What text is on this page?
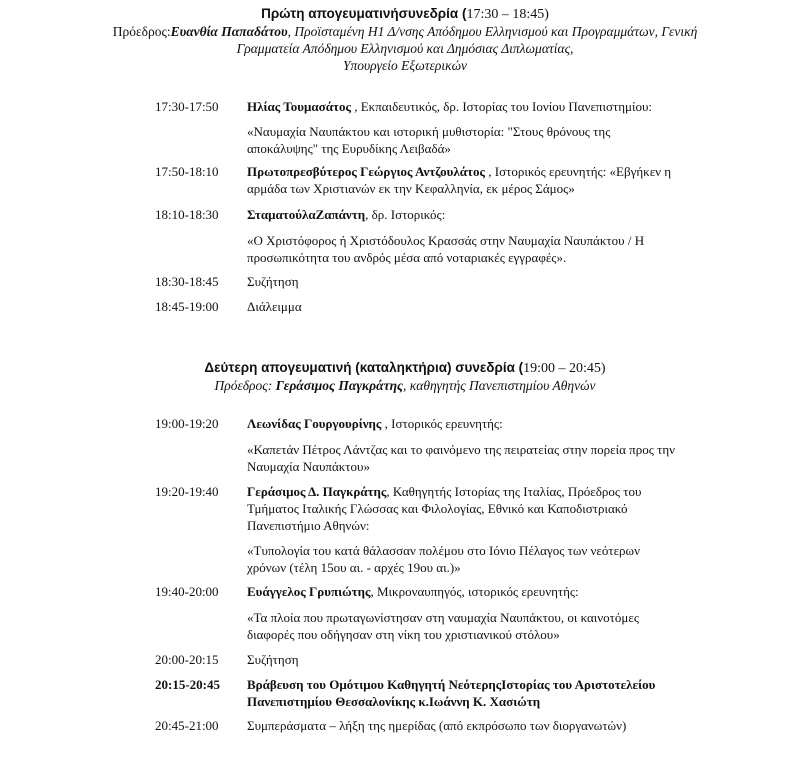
Πρώτη απογευματινήσυνεδρία (17:30 – 18:45)
Πρόεδρος:Ευανθία Παπαδάτου, Προϊσταμένη Η1 Δ/νσης Απόδημου Ελληνισμού και Προγραμμάτων, Γενική
Γραμματεία Απόδημου Ελληνισμού και Δημόσιας Διπλωματίας,
Υπουργείο Εξωτερικών
17:30-17:50 Ηλίας Τουμασάτος , Εκπαιδευτικός, δρ. Ιστορίας του Ιονίου Πανεπιστημίου:
«Ναυμαχία Ναυπάκτου και ιστορική μυθιστορία: "Στους θρόνους της
αποκάλυψης" της Ευρυδίκης Λειβαδά»
17:50-18:10 Πρωτοπρεσβύτερος Γεώργιος Αντζουλάτος , Ιστορικός ερευνητής: «Εβγήκεν η
αρμάδα των Χριστιανών εκ την Κεφαλληνία, εκ μέρος Σάμος»
18:10-18:30 ΣταματούλαΖαπάντη, δρ. Ιστορικός:
«Ο Χριστόφορος ή Χριστόδουλος Κρασσάς στην Ναυμαχία Ναυπάκτου / Η
προσωπικότητα του ανδρός μέσα από νοταριακές εγγραφές».
18:30-18:45 Συζήτηση
18:45-19:00 Διάλειμμα
Δεύτερη απογευματινή (καταληκτήρια) συνεδρία (19:00 – 20:45)
Πρόεδρος: Γεράσιμος Παγκράτης, καθηγητής Πανεπιστημίου Αθηνών
19:00-19:20 Λεωνίδας Γουργουρίνης , Ιστορικός ερευνητής:
«Καπετάν Πέτρος Λάντζας και το φαινόμενο της πειρατείας στην πορεία προς την
Ναυμαχία Ναυπάκτου»
19:20-19:40 Γεράσιμος Δ. Παγκράτης, Καθηγητής Ιστορίας της Ιταλίας, Πρόεδρος του
Τμήματος Ιταλικής Γλώσσας και Φιλολογίας, Εθνικό και Καποδιστριακό
Πανεπιστήμιο Αθηνών:
«Τυπολογία του κατά θάλασσαν πολέμου στο Ιόνιο Πέλαγος των νεότερων
χρόνων (τέλη 15ου αι. - αρχές 19ου αι.)»
19:40-20:00 Ευάγγελος Γρυπιώτης, Μικροναυπηγός, ιστορικός ερευνητής:
«Τα πλοία που πρωταγωνίστησαν στη ναυμαχία Ναυπάκτου, οι καινοτόμες
διαφορές που οδήγησαν στη νίκη του χριστιανικού στόλου»
20:00-20:15 Συζήτηση
20:15-20:45 Βράβευση του Ομότιμου Καθηγητή ΝεότερηςΙστορίας του Αριστοτελείου
Πανεπιστημίου Θεσσαλονίκης κ.Ιωάννη Κ. Χασιώτη
20:45-21:00 Συμπεράσματα – λήξη της ημερίδας (από εκπρόσωπο των διοργανωτών)
